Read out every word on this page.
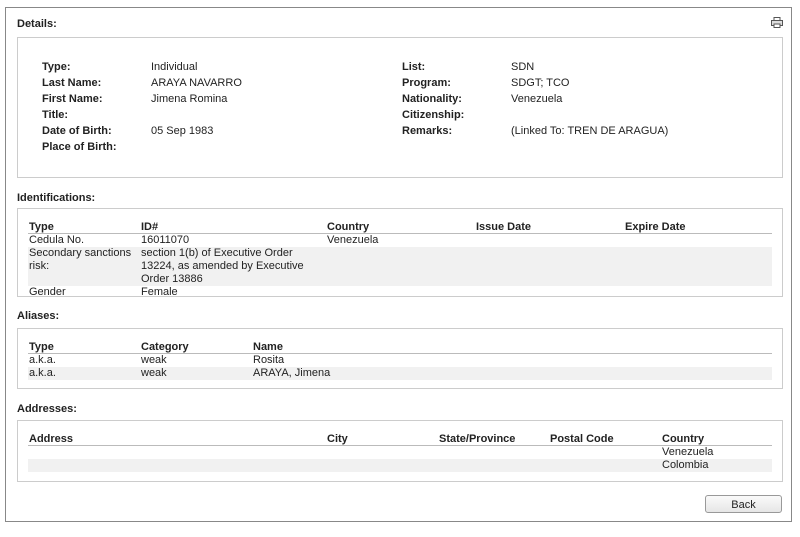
Details:
Type:	Individual
Last Name:	ARAYA NAVARRO
First Name:	Jimena Romina
Title:
Date of Birth:	05 Sep 1983
Place of Birth:
List:	SDN
Program:	SDGT; TCO
Nationality:	Venezuela
Citizenship:
Remarks:	(Linked To: TREN DE ARAGUA)
Identifications:
Type	ID#	Country	Issue Date	Expire Date
Cedula No.	16011070	Venezuela		
Secondary sanctions risk:	section 1(b) of Executive Order 13224, as amended by Executive Order 13886			
Gender	Female			
Aliases:
Type	Category	Name
a.k.a.	weak	Rosita
a.k.a.	weak	ARAYA, Jimena
Addresses:
Address	City	State/Province	Postal Code	Country
				Venezuela
				Colombia
Back
